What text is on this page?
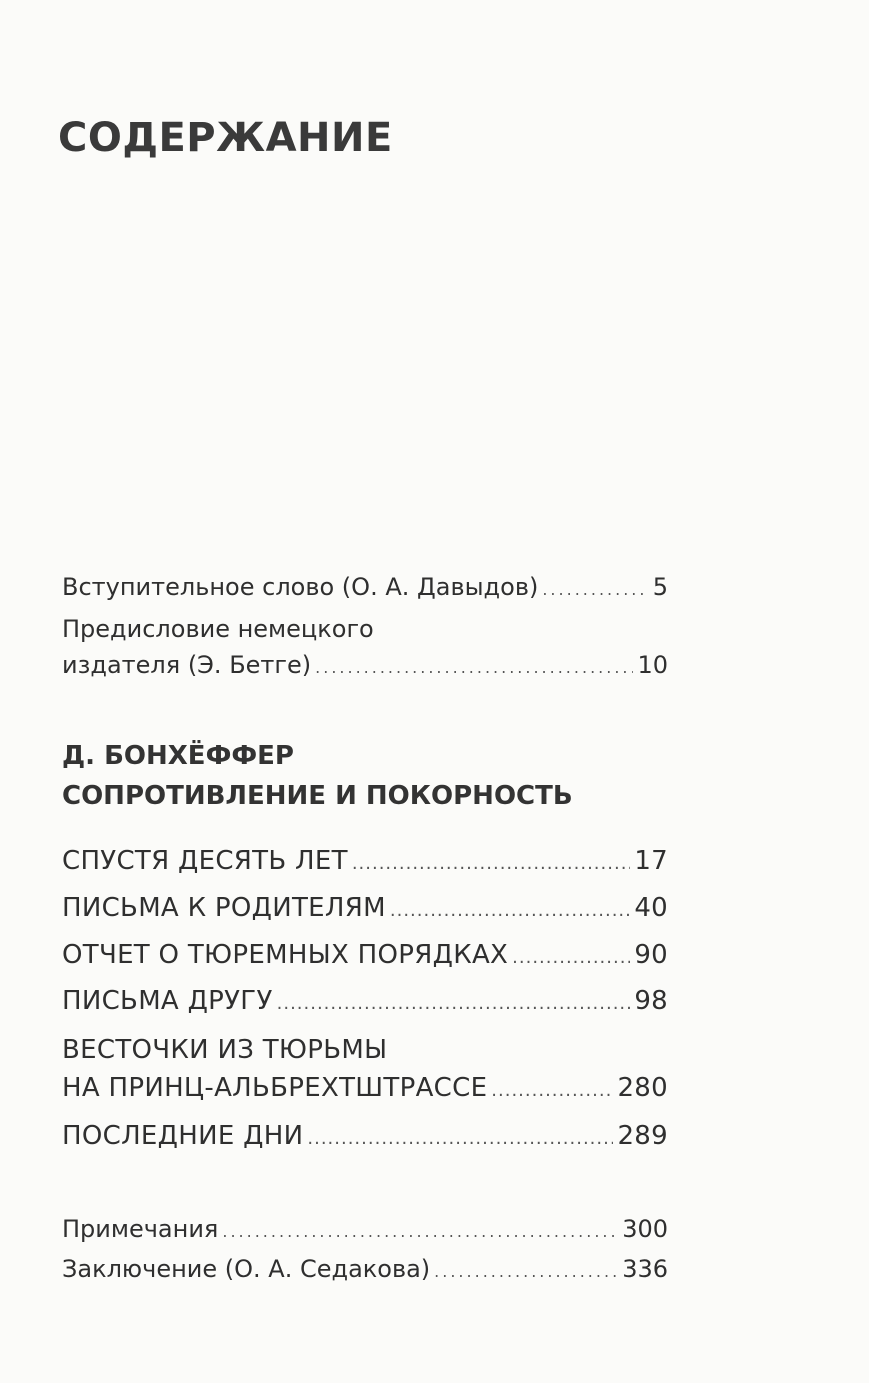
СОДЕРЖАНИЕ
Вступительное слово (О. А. Давыдов) .....	5
Предисловие немецкого
издателя (Э. Бетге) .....	10
Д. БОНХЁФФЕР
СОПРОТИВЛЕНИЕ И ПОКОРНОСТЬ
СПУСТЯ ДЕСЯТЬ ЛЕТ .....	17
ПИСЬМА К РОДИТЕЛЯМ .....	40
ОТЧЕТ О ТЮРЕМНЫХ ПОРЯДКАХ .....	90
ПИСЬМА ДРУГУ .....	98
ВЕСТОЧКИ ИЗ ТЮРЬМЫ
НА ПРИНЦ-АЛЬБРЕХТШТРАССЕ .....	280
ПОСЛЕДНИЕ ДНИ .....	289
Примечания .....	300
Заключение (О. А. Седакова) .....	336
